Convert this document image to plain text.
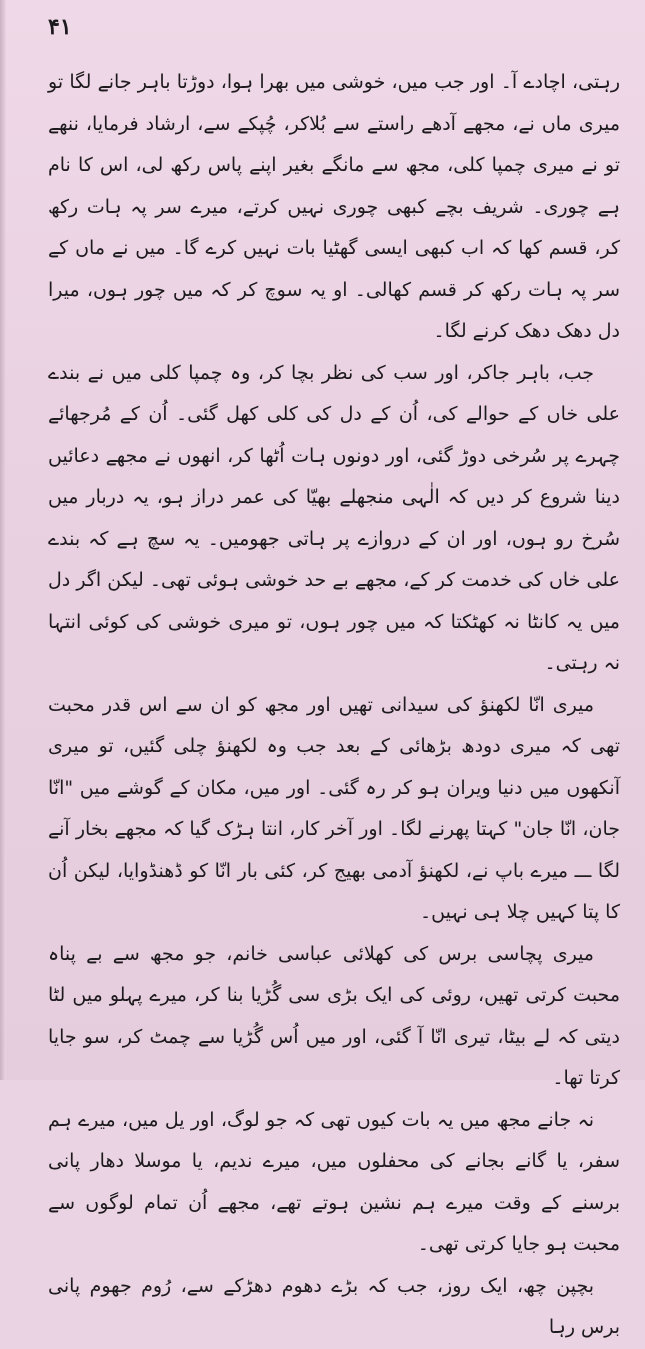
۴۱

رہتی، اچادے آ۔ اور جب میں، خوشی میں بھرا ہوا، دوڑتا باہر جانے لگا تو میری ماں نے، مجھے آدھے راستے سے بُلاکر، چُپکے سے، ارشاد فرمایا، ننھے تو نے میری چمپا کلی، مجھ سے مانگے بغیر اپنے پاس رکھ لی، اس کا نام ہے چوری۔ شریف بچے کبھی چوری نہیں کرتے، میرے سر پہ ہات رکھ کر، قسم کھا کہ اب کبھی ایسی گھٹیا بات نہیں کرے گا۔ میں نے ماں کے سر پہ ہات رکھ کر قسم کھالی۔ او یہ سوچ کر کہ میں چور ہوں، میرا دل دھک دھک کرنے لگا۔

جب، باہر جاکر، اور سب کی نظر بچا کر، وہ چمپا کلی میں نے بندے علی خاں کے حوالے کی، اُن کے دل کی کلی کھل گئی۔ اُن کے مُرجھائے چہرے پر سُرخی دوڑ گئی، اور دونوں ہات اُٹھا کر، انھوں نے مجھے دعائیں دینا شروع کر دیں کہ الٰہی منجھلے بھیّا کی عمر دراز ہو، یہ دربار میں سُرخ رو ہوں، اور ان کے دروازے پر ہاتی جھومیں۔ یہ سچ ہے کہ بندے علی خاں کی خدمت کر کے، مجھے بے حد خوشی ہوئی تھی۔ لیکن اگر دل میں یہ کانٹا نہ کھٹکتا کہ میں چور ہوں، تو میری خوشی کی کوئی انتہا نہ رہتی۔

میری انّا لکھنؤ کی سیدانی تھیں اور مجھ کو ان سے اس قدر محبت تھی کہ میری دودھ بڑھائی کے بعد جب وہ لکھنؤ چلی گئیں، تو میری آنکھوں میں دنیا ویران ہو کر رہ گئی۔ اور میں، مکان کے گوشے میں "انّا جان، انّا جان" کہتا پھرنے لگا۔ اور آخر کار، انتا ہڑک گیا کہ مجھے بخار آنے لگا ـــ میرے باپ نے، لکھنؤ آدمی بھیج کر، کئی بار انّا کو ڈھنڈوایا، لیکن اُن کا پتا کہیں چلا ہی نہیں۔

میری پچاسی برس کی کھلائی عباسی خانم، جو مجھ سے بے پناہ محبت کرتی تھیں، روئی کی ایک بڑی سی گُڑیا بنا کر، میرے پہلو میں لٹا دیتی کہ لے بیٹا، تیری انّا آ گئی، اور میں اُس گُڑیا سے چمٹ کر، سو جایا کرتا تھا۔

نہ جانے مجھ میں یہ بات کیوں تھی کہ جو لوگ، اور یل میں، میرے ہم سفر، یا گانے بجانے کی محفلوں میں، میرے ندیم، یا موسلا دھار پانی برسنے کے وقت میرے ہم نشین ہوتے تھے، مجھے اُن تمام لوگوں سے محبت ہو جایا کرتی تھی۔

بچپن چھ، ایک روز، جب کہ بڑے دھوم دھڑکے سے، رُوم جھوم پانی برس رہا
